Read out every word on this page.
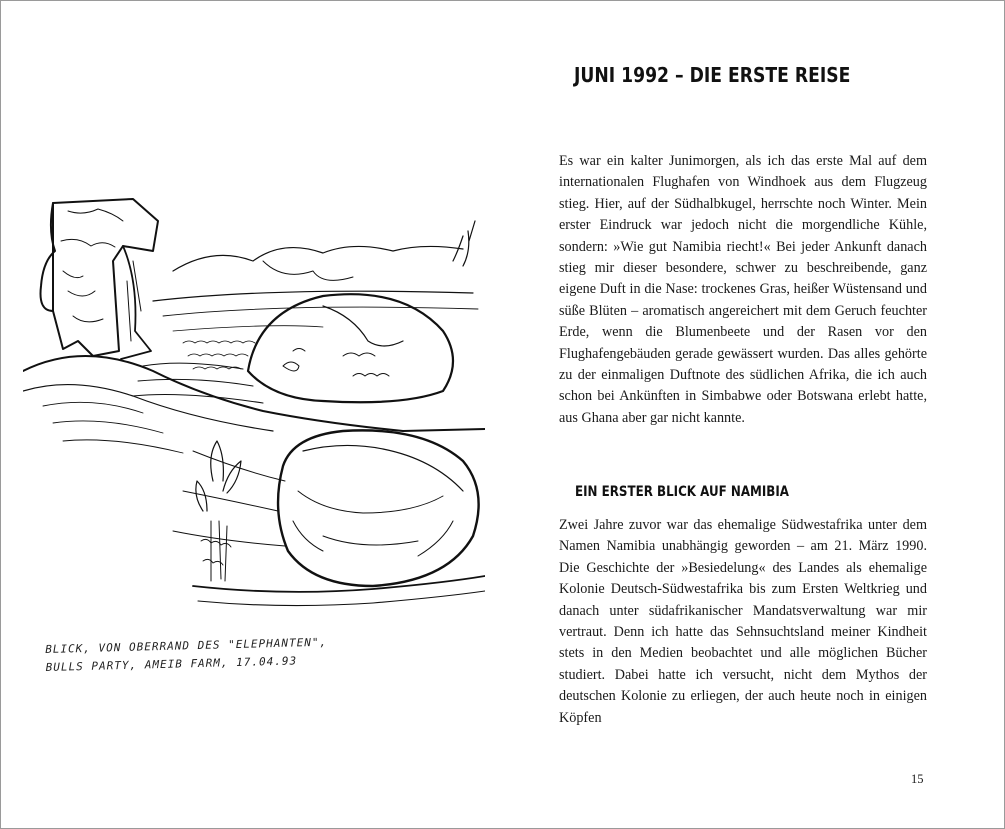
BLICK, VON OBERRAND DES "ELEPHANTEN",
BULLS PARTY, AMEIB FARM, 17.04.93
JUNI 1992 – DIE ERSTE REISE

Es war ein kalter Junimorgen, als ich das erste Mal auf dem internationalen Flughafen von Windhoek aus dem Flugzeug stieg. Hier, auf der Südhalbkugel, herrschte noch Winter. Mein erster Eindruck war jedoch nicht die morgendliche Kühle, sondern: »Wie gut Namibia riecht!« Bei jeder Ankunft danach stieg mir dieser besondere, schwer zu beschreibende, ganz eigene Duft in die Nase: trockenes Gras, heißer Wüstensand und süße Blüten – aromatisch angereichert mit dem Geruch feuchter Erde, wenn die Blumenbeete und der Rasen vor den Flughafengebäuden gerade gewässert wurden. Das alles gehörte zu der einmaligen Duftnote des südlichen Afrika, die ich auch schon bei Ankünften in Simbabwe oder Botswana erlebt hatte, aus Ghana aber gar nicht kannte.

EIN ERSTER BLICK AUF NAMIBIA

Zwei Jahre zuvor war das ehemalige Südwestafrika unter dem Namen Namibia unabhängig geworden – am 21. März 1990. Die Geschichte der »Besiedelung« des Landes als ehemalige Kolonie Deutsch-Südwestafrika bis zum Ersten Weltkrieg und danach unter südafrikanischer Mandatsverwaltung war mir vertraut. Denn ich hatte das Sehnsuchtsland meiner Kindheit stets in den Medien beobachtet und alle möglichen Bücher studiert. Dabei hatte ich versucht, nicht dem Mythos der deutschen Kolonie zu erliegen, der auch heute noch in einigen Köpfen

15
